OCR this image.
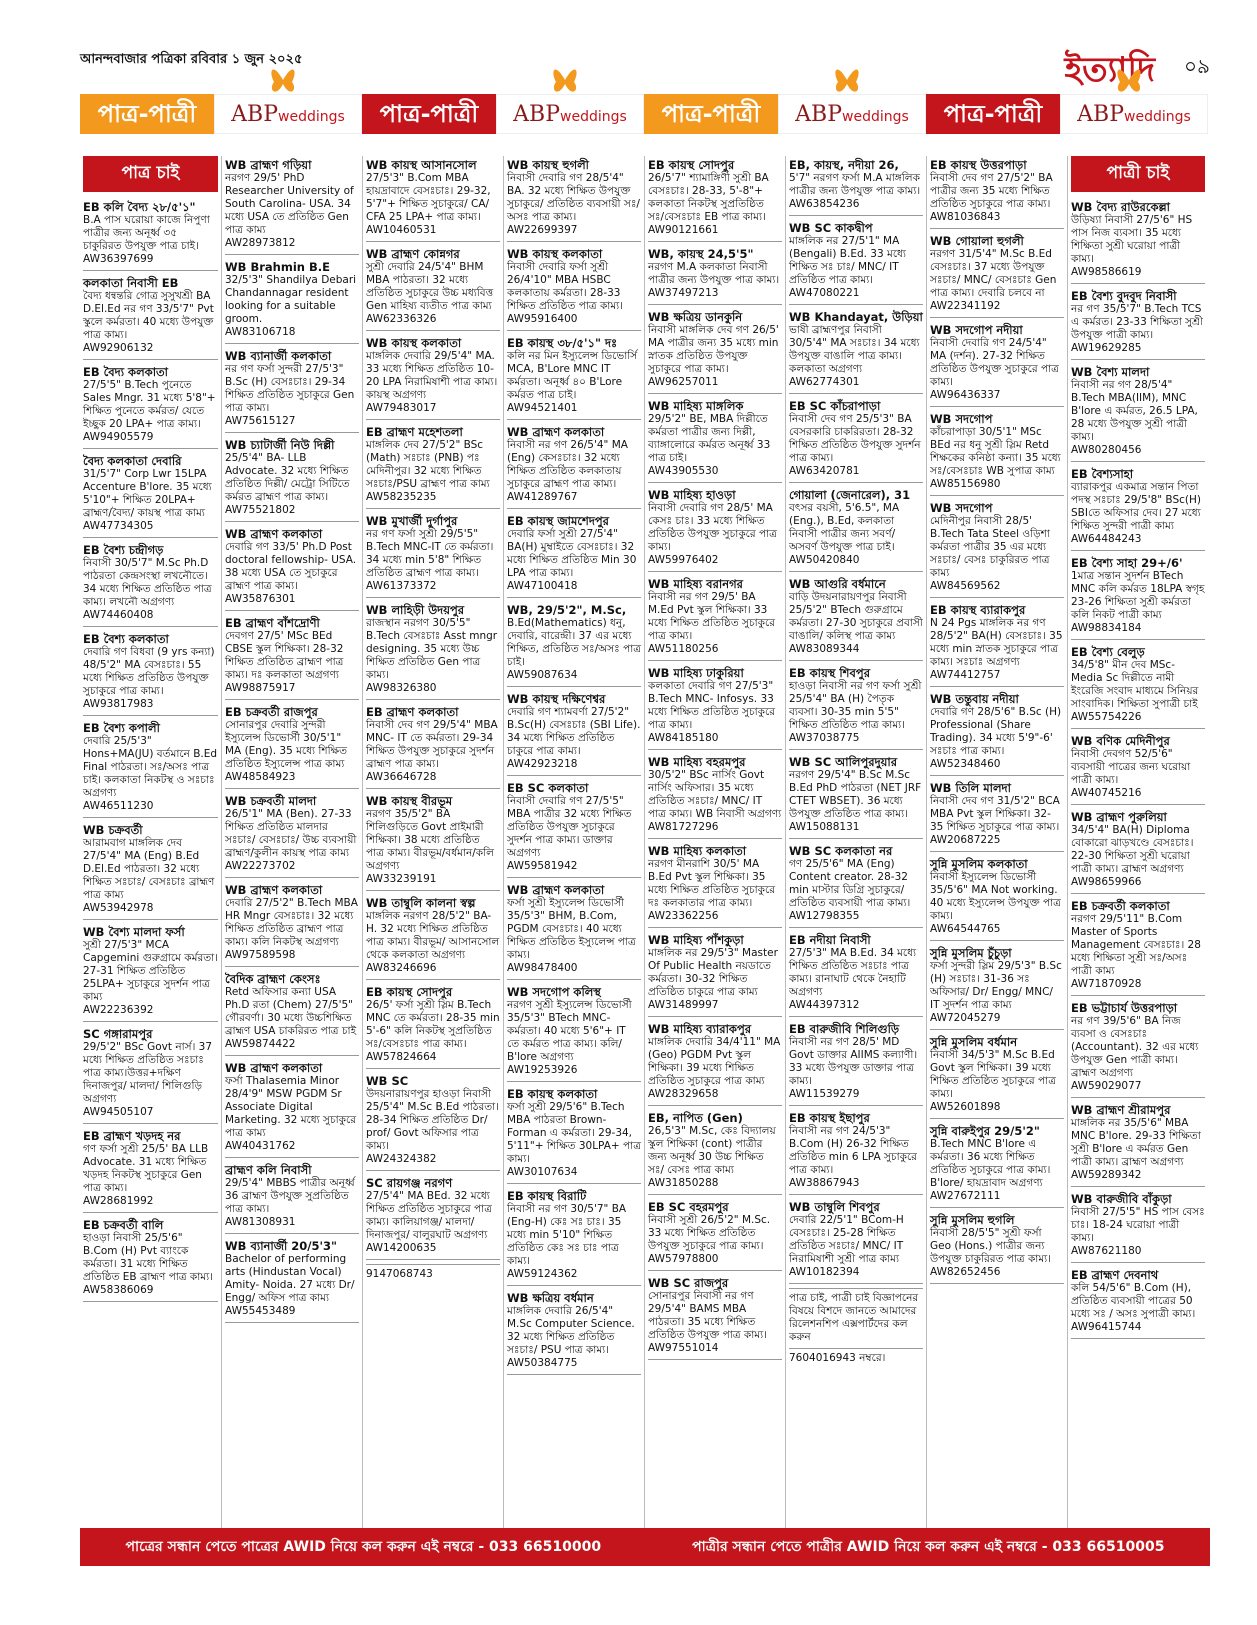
আনন্দবাজার পত্রিকা রবিবার ১ জুন ২০২৫	ইত্যাদি ০৯
পাত্র-পাত্রী	ABPweddings	পাত্র-পাত্রী	ABPweddings	পাত্র-পাত্রী	ABPweddings	পাত্র-পাত্রী	ABPweddings
পাত্র চাই
EB কলি বৈদ্য ২৮/৫'১"
B.A পাস ঘরোয়া কাজে নিপুণা পাত্রীর জন্য অনূর্ধ্ব ৩৫ চাকুরিরত উপযুক্ত পাত্র চাই।
AW36397699
কলকাতা নিবাসী EB
বৈদ্য ধন্বন্তরি গোত্র সুসুখশ্রী BA D.El.Ed নর গণ 33/5'7" Pvt স্কুলে কর্মরতা। 40 মধ্যে উপযুক্ত পাত্র কাম্য।
AW92906132
EB বৈদ্য কলকাতা
27/5'5" B.Tech পুনেতে Sales Mngr. 31 মধ্যে 5'8"+ শিক্ষিত পুনেতে কর্মরত/ যেতে ইচ্ছুক 20 LPA+ পাত্র কাম্য।
AW94905579
বৈদ্য কলকাতা দেবারি
31/5'7" Corp Lwr 15LPA Accenture B'lore. 35 মধ্যে 5'10"+ শিক্ষিত 20LPA+ ব্রাহ্মণ/বৈদ্য/ কায়স্থ পাত্র কাম্য
AW47734305
EB বৈশ্য চন্দ্রীগড়
নিবাসী 30/5'7" M.Sc Ph.D পাঠরতা কেন্দ্রসংস্থা লখনৌতে। 34 মধ্যে শিক্ষিত প্রতিষ্ঠিত পাত্র কাম্য। লখনৌ অগ্রগণ্য
AW74460408
EB বৈশ্য কলকাতা
দেবারি গণ বিধবা (9 yrs কন্যা) 48/5'2" MA বেসঃচাঃ। 55 মধ্যে শিক্ষিত প্রতিষ্ঠিত উপযুক্ত সুচাকুরে পাত্র কাম্য।
AW93817983
EB বৈশ্য কপালী
দেবারি 25/5'3" Hons+MA(JU) বর্তমানে B.Ed Final পাঠরতা। সঃ/অসঃ পাত্র চাই। কলকাতা নিকটস্থ ও সঃচাঃ অগ্রগণ্য
AW46511230
WB চক্রবর্তী
আরামবাগ মাঙ্গলিক দেব 27/5'4" MA (Eng) B.Ed D.El.Ed পাঠরতা। 32 মধ্যে শিক্ষিত সঃচাঃ/ বেসঃচাঃ ব্রাহ্মণ পাত্র কাম্য
AW53942978
WB বৈশ্য মালদা ফর্সা
সুশ্রী 27/5'3" MCA Capgemini গুরুগ্রামে কর্মরতা। 27-31 শিক্ষিত প্রতিষ্ঠিত 25LPA+ সুচাকুরে সুদর্শন পাত্র কাম্য
AW22236392
SC গঙ্গারামপুর
29/5'2" BSc Govt নার্স। 37 মধ্যে শিক্ষিত প্রতিষ্ঠিত সঃচাঃ পাত্র কাম্য।উত্তর+দক্ষিণ দিনাজপুর/ মালদা/ শিলিগুড়ি অগ্রগণ্য
AW94505107
EB ব্রাহ্মণ খড়দহ নর
গণ ফর্সা সুশ্রী 25/5' BA LLB Advocate. 31 মধ্যে শিক্ষিত খড়দহ নিকটস্থ সুচাকুরে Gen পাত্র কাম্য।
AW28681992
EB চক্রবর্তী বালি
হাওড়া নিবাসী 25/5'6" B.Com (H) Pvt ব্যাংকে কর্মরতা। 31 মধ্যে শিক্ষিত প্রতিষ্ঠিত EB ব্রাহ্মণ পাত্র কাম্য।
AW58386069
WB ব্রাহ্মণ গড়িয়া
নরগণ 29/5' PhD Researcher University of South Carolina- USA. 34 মধ্যে USA তে প্রতিষ্ঠিত Gen পাত্র কাম্য
AW28973812
WB Brahmin B.E
32/5'3" Shandilya Debari Chandannagar resident looking for a suitable groom.
AW83106718
WB ব্যানার্জী কলকাতা
নর গণ ফর্সা সুন্দরী 27/5'3" B.Sc (H) বেসঃচাঃ। 29-34 শিক্ষিত প্রতিষ্ঠিত সুচাকুরে Gen পাত্র কাম্য।
AW75615127
WB চ্যাটার্জী নিউ দিল্লী
25/5'4" BA- LLB Advocate. 32 মধ্যে শিক্ষিত প্রতিষ্ঠিত দিল্লী/ মেট্রো সিটিতে কর্মরত ব্রাহ্মণ পাত্র কাম্য।
AW75521802
WB ব্রাহ্মণ কলকাতা
দেবারি গণ 33/5' Ph.D Post doctoral fellowship- USA. 38 মধ্যে USA তে সুচাকুরে ব্রাহ্মণ পাত্র কাম্য।
AW35876301
EB ব্রাহ্মণ বাঁশদ্রোণী
দেবগণ 27/5' MSc BEd CBSE স্কুল শিক্ষিকা। 28-32 শিক্ষিত প্রতিষ্ঠিত ব্রাহ্মণ পাত্র কাম্য। দঃ কলকাতা অগ্রগণ্য
AW98875917
EB চক্রবর্তী রাজপুর
সোনারপুর দেবারি সুন্দরী ইস্যুলেন্স ডিভোর্সী 30/5'1" MA (Eng). 35 মধ্যে শিক্ষিত প্রতিষ্ঠিত ইস্যুলেন্স পাত্র কাম্য
AW48584923
WB চক্রবর্তী মালদা
26/5'1" MA (Ben). 27-33 শিক্ষিত প্রতিষ্ঠিত মালদার সঃচাঃ/ বেসঃচাঃ/ উচ্চ ব্যবসায়ী ব্রাহ্মণ/কুলীন কায়স্থ পাত্র কাম্য
AW22273702
WB ব্রাহ্মণ কলকাতা
দেবারি 27/5'2" B.Tech MBA HR Mngr বেসঃচাঃ। 32 মধ্যে শিক্ষিত প্রতিষ্ঠিত ব্রাহ্মণ পাত্র কাম্য। কলি নিকটস্থ অগ্রগণ্য
AW97589598
বৈদিক ব্রাহ্মণ কেংসঃ
Retd অফিসার কন্যা USA Ph.D রতা (Chem) 27/5'5" গৌরবর্ণা। 30 মধ্যে উচ্চশিক্ষিত ব্রাহ্মণ USA চাকরিরত পাত্র চাই
AW59874422
WB ব্রাহ্মণ কলকাতা
ফর্সা Thalasemia Minor 28/4'9" MSW PGDM Sr Associate Digital Marketing. 32 মধ্যে সুচাকুরে পাত্র কাম্য
AW40431762
ব্রাহ্মণ কলি নিবাসী
29/5'4" MBBS পাত্রীর অনূর্ধ্ব 36 ব্রাহ্মণ উপযুক্ত সুপ্রতিষ্ঠিত পাত্র কাম্য।
AW81308931
WB ব্যানার্জী 20/5'3"
Bachelor of performing arts (Hindustan Vocal) Amity- Noida. 27 মধ্যে Dr/ Engg/ অফিস পাত্র কাম্য
AW55453489
WB কায়স্থ আসানসোল
27/5'3" B.Com MBA হায়দ্রাবাদে বেসঃচাঃ। 29-32, 5'7"+ শিক্ষিত সুচাকুরে/ CA/ CFA 25 LPA+ পাত্র কাম্য।
AW10460531
WB ব্রাহ্মণ কোন্নগর
সুশ্রী দেবারি 24/5'4" BHM MBA পাঠরতা। 32 মধ্যে প্রতিষ্ঠিত সুচাকুরে উচ্চ মধ্যবিত্ত Gen মাহিষ্য ব্যতীত পাত্র কাম্য
AW62336326
WB কায়স্থ কলকাতা
মাঙ্গলিক দেবারি 29/5'4" MA. 33 মধ্যে শিক্ষিত প্রতিষ্ঠিত 10-20 LPA নিরামিষাশী পাত্র কাম্য। কায়স্থ অগ্রগণ্য
AW79483017
EB ব্রাহ্মণ মহেশতলা
মাঙ্গলিক দেব 27/5'2" BSc (Math) সঃচাঃ (PNB) পঃ মেদিনীপুর। 32 মধ্যে শিক্ষিত সঃচাঃ/PSU ব্রাহ্মণ পাত্র কাম্য
AW58235235
WB মুখার্জী দুর্গাপুর
নর গণ ফর্সা সুশ্রী 29/5'5" B.Tech MNC-IT তে কর্মরতা। 34 মধ্যে min 5'8" শিক্ষিত প্রতিষ্ঠিত ব্রাহ্মণ পাত্র কাম্য।
AW61373372
WB লাহিড়ী উদয়পুর
রাজস্থান নরগণ 30/5'5" B.Tech বেসঃচাঃ Asst mngr designing. 35 মধ্যে উচ্চ শিক্ষিত প্রতিষ্ঠিত Gen পাত্র কাম্য।
AW98326380
EB ব্রাহ্মণ কলকাতা
নিবাসী দেব গণ 29/5'4" MBA MNC- IT তে কর্মরতা। 29-34 শিক্ষিত উপযুক্ত সুচাকুরে সুদর্শন ব্রাহ্মণ পাত্র কাম্য।
AW36646728
WB কায়স্থ বীরভূম
নরগণ 35/5'2" BA শিলিগুড়িতে Govt প্রাইমারী শিক্ষিকা। 38 মধ্যে প্রতিষ্ঠিত পাত্র কাম্য। বীরভূম/বর্ধমান/কলি অগ্রগণ্য
AW33239191
WB তাম্বুলি কালনা স্বল্প
মাঙ্গলিক নরগণ 28/5'2" BA-H. 32 মধ্যে শিক্ষিত প্রতিষ্ঠিত পাত্র কাম্য। বীরভূম/ আসানসোল থেকে কলকাতা অগ্রগণ্য
AW83246696
EB কায়স্থ সোদপুর
26/5' ফর্সা সুশ্রী স্লিম B.Tech MNC তে কর্মরতা। 28-35 min 5'-6" কলি নিকটস্থ সুপ্রতিষ্ঠিত সঃ/বেসঃচাঃ পাত্র কাম্য।
AW57824664
WB SC
উদয়নারায়ণপুর হাওড়া নিবাসী 25/5'4" M.Sc B.Ed পাঠরতা। 28-34 শিক্ষিত প্রতিষ্ঠিত Dr/ prof/ Govt অফিসার পাত্র কাম্য।
AW24324382
SC রায়গঞ্জ নরগণ
27/5'4" MA BEd. 32 মধ্যে শিক্ষিত প্রতিষ্ঠিত সুচাকুরে পাত্র কাম্য। কালিয়াগঞ্জ/ মালদা/ দিনাজপুর/ বালুরঘাট অগ্রগণ্য
AW14200635
9147068743
WB কায়স্থ হুগলী
নিবাসী দেবারি গণ 28/5'4" BA. 32 মধ্যে শিক্ষিত উপযুক্ত সুচাকুরে/ প্রতিষ্ঠিত ব্যবসায়ী সঃ/অসঃ পাত্র কাম্য।
AW22699397
WB কায়স্থ কলকাতা
নিবাসী দেবারি ফর্সা সুশ্রী 26/4'10" MBA HSBC কলকাতায় কর্মরতা। 28-33 শিক্ষিত প্রতিষ্ঠিত পাত্র কাম্য।
AW95916400
EB কায়স্থ ৩৮/৫'১" দঃ
কলি নর মিন ইস্যুলেন্স ডিভোর্সি MCA, B'Lore MNC IT কর্মরতা। অনূর্ধ্ব ৪০ B'Lore কর্মরত পাত্র চাই।
AW94521401
WB ব্রাহ্মণ কলকাতা
নিবাসী নর গণ 26/5'4" MA (Eng) কেসঃচাঃ। 32 মধ্যে শিক্ষিত প্রতিষ্ঠিত কলকাতায় সুচাকুরে ব্রাহ্মণ পাত্র কাম্য।
AW41289767
EB কায়স্থ জামশেদপুর
দেবারি ফর্সা সুশ্রী 27/5'4" BA(H) মুম্বাইতে বেসঃচাঃ। 32 মধ্যে শিক্ষিত প্রতিষ্ঠিত Min 30 LPA পাত্র কাম্য।
AW47100418
WB, 29/5'2", M.Sc,
B.Ed(Mathematics) ধনু, দেবারি, বারেন্দ্রী। 37 এর মধ্যে শিক্ষিত, প্রতিষ্ঠিত সঃ/অসঃ পাত্র চাই।
AW59087634
WB কায়স্থ দক্ষিণেশ্বর
দেবারি গণ শ্যামবর্ণা 27/5'2" B.Sc(H) বেসঃচাঃ (SBI Life). 34 মধ্যে শিক্ষিত প্রতিষ্ঠিত চাকুরে পাত্র কাম্য।
AW42923218
EB SC কলকাতা
নিবাসী দেবারি গণ 27/5'5" MBA পাত্রীর 32 মধ্যে শিক্ষিত প্রতিষ্ঠিত উপযুক্ত সুচাকুরে সুদর্শন পাত্র কাম্য। ডাক্তার অগ্রগণ্য
AW59581942
WB ব্রাহ্মণ কলকাতা
ফর্সা সুশ্রী ইস্যুলেন্স ডিভোর্সী 35/5'3" BHM, B.Com, PGDM বেসঃচাঃ। 40 মধ্যে শিক্ষিত প্রতিষ্ঠিত ইস্যুলেন্স পাত্র কাম্য।
AW98478400
WB সদগোপ কলিস্থ
নরগণ সুশ্রী ইস্যুলেন্স ডিভোর্সী 35/5'3" BTech MNC- কর্মরতা। 40 মধ্যে 5'6"+ IT তে কর্মরত পাত্র কাম্য। কলি/ B'lore অগ্রগণ্য
AW19253926
EB কায়স্থ কলকাতা
ফর্সা সুশ্রী 29/5'6" B.Tech MBA পাঠরতা Brown-Forman এ কর্মরতা। 29-34, 5'11"+ শিক্ষিত 30LPA+ পাত্র কাম্য।
AW30107634
EB কায়স্থ বিরাটি
নিবাসী নর গণ 30/5'7" BA (Eng-H) কেঃ সঃ চাঃ। 35 মধ্যে min 5'10" শিক্ষিত প্রতিষ্ঠিত কেঃ সঃ চাঃ পাত্র কাম্য।
AW59124362
WB ক্ষত্রিয় বর্ধমান
মাঙ্গলিক দেবারি 26/5'4" M.Sc Computer Science. 32 মধ্যে শিক্ষিত প্রতিষ্ঠিত সঃচাঃ/ PSU পাত্র কাম্য।
AW50384775
EB কায়স্থ সোদপুর
26/5'7" শ্যামাঙ্গিণী সুশ্রী BA বেসঃচাঃ। 28-33, 5'-8"+ কলকাতা নিকটস্থ সুপ্রতিষ্ঠিত সঃ/বেসঃচাঃ EB পাত্র কাম্য।
AW90121661
WB, কায়স্থ 24,5'5"
নরগণ M.A কলকাতা নিবাসী পাত্রীর জন্য উপযুক্ত পাত্র কাম্য।
AW37497213
WB ক্ষত্রিয় ডানকুনি
নিবাসী মাঙ্গলিক দেব গণ 26/5' MA পাত্রীর জন্য 35 মধ্যে min স্নাতক প্রতিষ্ঠিত উপযুক্ত সুচাকুরে পাত্র কাম্য।
AW96257011
WB মাহিষ্য মাঙ্গলিক
29/5'2" BE, MBA দিল্লীতে কর্মরতা পাত্রীর জন্য দিল্লী, ব্যাঙ্গালোরে কর্মরত অনূর্ধ্ব 33 পাত্র চাই।
AW43905530
WB মাহিষ্য হাওড়া
নিবাসী দেবারি গণ 28/5' MA কেসঃ চাঃ। 33 মধ্যে শিক্ষিত প্রতিষ্ঠিত উপযুক্ত সুচাকুরে পাত্র কাম্য।
AW59976402
WB মাহিষ্য বরানগর
নিবাসী নর গণ 29/5' BA M.Ed Pvt স্কুল শিক্ষিকা। 33 মধ্যে শিক্ষিত প্রতিষ্ঠিত সুচাকুরে পাত্র কাম্য।
AW51180256
WB মাহিষ্য ঢাকুরিয়া
কলকাতা দেবারি গণ 27/5'3" B.Tech MNC- Infosys. 33 মধ্যে শিক্ষিত প্রতিষ্ঠিত সুচাকুরে পাত্র কাম্য।
AW84185180
WB মাহিষ্য বহরমপুর
30/5'2" BSc নার্সিং Govt নার্সিং অফিসার। 35 মধ্যে প্রতিষ্ঠিত সঃচাঃ/ MNC/ IT পাত্র কাম্য। WB নিবাসী অগ্রগণ্য
AW81727296
WB মাহিষ্য কলকাতা
নরগণ মীনরাশি 30/5' MA B.Ed Pvt স্কুল শিক্ষিকা। 35 মধ্যে শিক্ষিত প্রতিষ্ঠিত সুচাকুরে দঃ কলকাতার পাত্র কাম্য।
AW23362256
WB মাহিষ্য পাঁশকুড়া
মাঙ্গলিক নর 29/5'3" Master Of Public Health নয়ডাতে কর্মরতা। 30-32 শিক্ষিত প্রতিষ্ঠিত চাকুরে পাত্র কাম্য
AW31489997
WB মাহিষ্য ব্যারাকপুর
মাঙ্গলিক দেবারি 34/4'11" MA (Geo) PGDM Pvt স্কুল শিক্ষিকা। 39 মধ্যে শিক্ষিত প্রতিষ্ঠিত সুচাকুরে পাত্র কাম্য
AW28329658
EB, নাপিত (Gen)
26,5'3" M.Sc, কেঃ বিদ্যালয় স্কুল শিক্ষিকা (cont) পাত্রীর জন্য অনূর্ধ্ব 30 উচ্চ শিক্ষিত সঃ/ বেসঃ পাত্র কাম্য
AW31850288
EB SC বহরমপুর
নিবাসী সুশ্রী 26/5'2" M.Sc. 33 মধ্যে শিক্ষিত প্রতিষ্ঠিত উপযুক্ত সুচাকুরে পাত্র কাম্য।
AW57978800
WB SC রাজপুর
সোনারপুর নিবাসী নর গণ 29/5'4" BAMS MBA পাঠরতা। 35 মধ্যে শিক্ষিত প্রতিষ্ঠিত উপযুক্ত পাত্র কাম্য।
AW97551014
EB, কায়স্থ, নদীয়া 26,
5'7" নরগণ ফর্সা M.A মাঙ্গলিক পাত্রীর জন্য উপযুক্ত পাত্র কাম্য।
AW63854236
WB SC কাকদ্বীপ
মাঙ্গলিক নর 27/5'1" MA (Bengali) B.Ed. 33 মধ্যে শিক্ষিত সঃ চাঃ/ MNC/ IT প্রতিষ্ঠিত পাত্র কাম্য।
AW47080221
WB Khandayat, উড়িয়া
ভাষী ব্রাহ্মণপুর নিবাসী 30/5'4" MA সঃচাঃ। 34 মধ্যে উপযুক্ত বাঙালি পাত্র কাম্য। কলকাতা অগ্রগণ্য
AW62774301
EB SC কাঁচরাপাড়া
নিবাসী দেব গণ 25/5'3" BA বেসরকারি চাকরিরতা। 28-32 শিক্ষিত প্রতিষ্ঠিত উপযুক্ত সুদর্শন পাত্র কাম্য।
AW63420781
গোয়ালা (জেনারেল), 31
বৎসর বয়সী, 5'6.5", MA (Eng.), B.Ed, কলকাতা নিবাসী পাত্রীর জন্য সবর্ণ/অসবর্ণ উপযুক্ত পাত্র চাই।
AW50420840
WB আগুরি বর্ধমানে
বাড়ি উদয়নারায়ণপুর নিবাসী 25/5'2" BTech গুরুগ্রামে কর্মরতা। 27-30 সুচাকুরে প্রবাসী বাঙালি/ কলিস্থ পাত্র কাম্য
AW83089344
EB কায়স্থ শিবপুর
হাওড়া নিবাসী নর গণ ফর্সা সুশ্রী 25/5'4" BA (H) পৈতৃক ব্যবসা। 30-35 min 5'5" শিক্ষিত প্রতিষ্ঠিত পাত্র কাম্য।
AW37038775
WB SC আলিপুরদুয়ার
নরগণ 29/5'4" B.Sc M.Sc B.Ed PhD পাঠরতা (NET JRF CTET WBSET). 36 মধ্যে উপযুক্ত প্রতিষ্ঠিত পাত্র কাম্য।
AW15088131
WB SC কলকাতা নর
গণ 25/5'6" MA (Eng) Content creator. 28-32 min মাস্টার ডিগ্রি সুচাকুরে/ প্রতিষ্ঠিত ব্যবসায়ী পাত্র কাম্য।
AW12798355
EB নদীয়া নিবাসী
27/5'3" MA B.Ed. 34 মধ্যে শিক্ষিত প্রতিষ্ঠিত সঃচাঃ পাত্র কাম্য। রানাঘাট থেকে নৈহাটি অগ্রগণ্য
AW44397312
EB বারুজীবি শিলিগুড়ি
নিবাসী নর গণ 28/5' MD Govt ডাক্তার AIIMS কল্যাণী। 33 মধ্যে উপযুক্ত ডাক্তার পাত্র কাম্য।
AW11539279
EB কায়স্থ ইছাপুর
নিবাসী নর গণ 24/5'3" B.Com (H) 26-32 শিক্ষিত প্রতিষ্ঠিত min 6 LPA সুচাকুরে পাত্র কাম্য।
AW38867943
WB তাম্বুলি শিবপুর
দেবারি 22/5'1" BCom-H বেসঃচাঃ। 25-28 শিক্ষিত প্রতিষ্ঠিত সঃচাঃ/ MNC/ IT নিরামিষাশী সুশ্রী পাত্র কাম্য
AW10182394
পাত্র চাই, পাত্রী চাই বিজ্ঞাপনের বিষয়ে বিশদে জানতে আমাদের রিলেশনশিপ এক্সপার্টদের কল করুন
7604016943 নম্বরে।
EB কায়স্থ উত্তরপাড়া
নিবাসী দেব গণ 27/5'2" BA পাত্রীর জন্য 35 মধ্যে শিক্ষিত প্রতিষ্ঠিত সুচাকুরে পাত্র কাম্য।
AW81036843
WB গোয়ালা হুগলী
নরগণ 31/5'4" M.Sc B.Ed বেসঃচাঃ। 37 মধ্যে উপযুক্ত সঃচাঃ/ MNC/ বেসঃচাঃ Gen পাত্র কাম্য। দেবারি চলবে না
AW22341192
WB সদগোপ নদীয়া
নিবাসী দেবারি গণ 24/5'4" MA (দর্শন). 27-32 শিক্ষিত প্রতিষ্ঠিত উপযুক্ত সুচাকুরে পাত্র কাম্য।
AW96436337
WB সদগোপ
কাঁচরাপাড়া 30/5'1" MSc BEd নর ধনু সুশ্রী স্লিম Retd শিক্ষকের কনিষ্ঠা কন্যা। 35 মধ্যে সঃ/বেসঃচাঃ WB সুপাত্র কাম্য
AW85156980
WB সদগোপ
মেদিনীপুর নিবাসী 28/5' B.Tech Tata Steel ওড়িশা কর্মরতা পাত্রীর 35 এর মধ্যে সঃচাঃ/ বেসঃ চাকুরিরত পাত্র কাম্য
AW84569562
EB কায়স্থ ব্যারাকপুর
N 24 Pgs মাঙ্গলিক নর গণ 28/5'2" BA(H) বেসঃচাঃ। 35 মধ্যে min স্নাতক সুচাকুরে পাত্র কাম্য। সঃচাঃ অগ্রগণ্য
AW74412757
WB তন্তুবায় নদীয়া
দেবারি গণ 28/5'6" B.Sc (H) Professional (Share Trading). 34 মধ্যে 5'9"-6' সঃচাঃ পাত্র কাম্য।
AW52348460
WB তিলি মালদা
নিবাসী দেব গণ 31/5'2" BCA MBA Pvt স্কুল শিক্ষিকা। 32-35 শিক্ষিত সুচাকুরে পাত্র কাম্য।
AW20687225
সুন্নি মুসলিম কলকাতা
নিবাসী ইস্যুলেন্স ডিভোর্সী 35/5'6" MA Not working. 40 মধ্যে ইস্যুলেন্স উপযুক্ত পাত্র কাম্য।
AW64544765
সুন্নি মুসলিম চুঁচুড়া
ফর্সা সুন্দরী স্লিম 29/5'3" B.Sc (H) সঃচাঃ। 31-36 সঃ অফিসার/ Dr/ Engg/ MNC/ IT সুদর্শন পাত্র কাম্য
AW72045279
সুন্নি মুসলিম বর্ধমান
নিবাসী 34/5'3" M.Sc B.Ed Govt স্কুল শিক্ষিকা। 39 মধ্যে শিক্ষিত প্রতিষ্ঠিত সুচাকুরে পাত্র কাম্য।
AW52601898
সুন্নি বারুইপুর 29/5'2"
B.Tech MNC B'lore এ কর্মরতা। 36 মধ্যে শিক্ষিত প্রতিষ্ঠিত সুচাকুরে পাত্র কাম্য। B'lore/ হায়দ্রাবাদ অগ্রগণ্য
AW27672111
সুন্নি মুসলিম হুগলি
নিবাসী 28/5'5" সুশ্রী ফর্সা Geo (Hons.) পাত্রীর জন্য উপযুক্ত চাকুরিরত পাত্র কাম্য।
AW82652456
পাত্রী চাই
WB বৈদ্য রাউরকেল্লা
উড়িষ্যা নিবাসী 27/5'6" HS পাস নিজ ব্যবসা। 35 মধ্যে শিক্ষিতা সুশ্রী ঘরোয়া পাত্রী কাম্য।
AW98586619
EB বৈশ্য বুদবুদ নিবাসী
নর গণ 35/5'7" B.Tech TCS এ কর্মরত। 23-33 শিক্ষিতা সুশ্রী উপযুক্ত পাত্রী কাম্য।
AW19629285
WB বৈশ্য মালদা
নিবাসী নর গণ 28/5'4" B.Tech MBA(IIM), MNC B'lore এ কর্মরত, 26.5 LPA, 28 মধ্যে উপযুক্ত সুশ্রী পাত্রী কাম্য।
AW80280456
EB বৈশ্যসাহা
ব্যারাকপুর একমাত্র সন্তান পিতা পদস্থ সঃচাঃ 29/5'8" BSc(H) SBIতে অফিসার দেব। 27 মধ্যে শিক্ষিত সুন্দরী পাত্রী কাম্য
AW64484243
EB বৈশ্য সাহা 29+/6'
1মাত্র সন্তান সুদর্শন BTech MNC কলি কর্মরত 18LPA স্বগৃহ 23-26 শিক্ষিতা সুশ্রী কর্মরতা কলি নিকট পাত্রী কাম্য
AW98834184
EB বৈশ্য বেলুড়
34/5'8" মীন দেব MSc- Media Sc দিল্লীতে নামী ইংরেজি সংবাদ মাধ্যমে সিনিয়র সাংবাদিক। শিক্ষিতা সুপাত্রী চাই
AW55754226
WB বণিক মেদিনীপুর
নিবাসী দেবগণ 52/5'6" ব্যবসায়ী পাত্রের জন্য ঘরোয়া পাত্রী কাম্য।
AW40745216
WB ব্রাহ্মণ পুরুলিয়া
34/5'4" BA(H) Diploma বোকারো ঝাড়খণ্ডে বেসঃচাঃ। 22-30 শিক্ষিতা সুশ্রী ঘরোয়া পাত্রী কাম্য। ব্রাহ্মণ অগ্রগণ্য
AW98659966
EB চক্রবর্তী কলকাতা
নরগণ 29/5'11" B.Com Master of Sports Management বেসঃচাঃ। 28 মধ্যে শিক্ষিতা সুশ্রী সঃ/অসঃ পাত্রী কাম্য
AW71870928
EB ভট্টাচার্য উত্তরপাড়া
নর গণ 39/5'6" BA নিজ ব্যবসা ও বেসঃচাঃ (Accountant). 32 এর মধ্যে উপযুক্ত Gen পাত্রী কাম্য। ব্রাহ্মণ অগ্রগণ্য
AW59029077
WB ব্রাহ্মণ শ্রীরামপুর
মাঙ্গলিক নর 35/5'6" MBA MNC B'lore. 29-33 শিক্ষিতা সুশ্রী B'lore এ কর্মরত Gen পাত্রী কাম্য। ব্রাহ্মণ অগ্রগণ্য
AW59289342
WB বারুজীবি বাঁকুড়া
নিবাসী 27/5'5" HS পাস বেসঃ চাঃ। 18-24 ঘরোয়া পাত্রী কাম্য।
AW87621180
EB ব্রাহ্মণ দেবনাথ
কলি 54/5'6" B.Com (H), প্রতিষ্ঠিত ব্যবসায়ী পাত্রের 50 মধ্যে সঃ / অসঃ সুপাত্রী কাম্য।
AW96415744
পাত্রের সন্ধান পেতে পাত্রের AWID নিয়ে কল করুন এই নম্বরে - 033 66510000	পাত্রীর সন্ধান পেতে পাত্রীর AWID নিয়ে কল করুন এই নম্বরে - 033 66510005
